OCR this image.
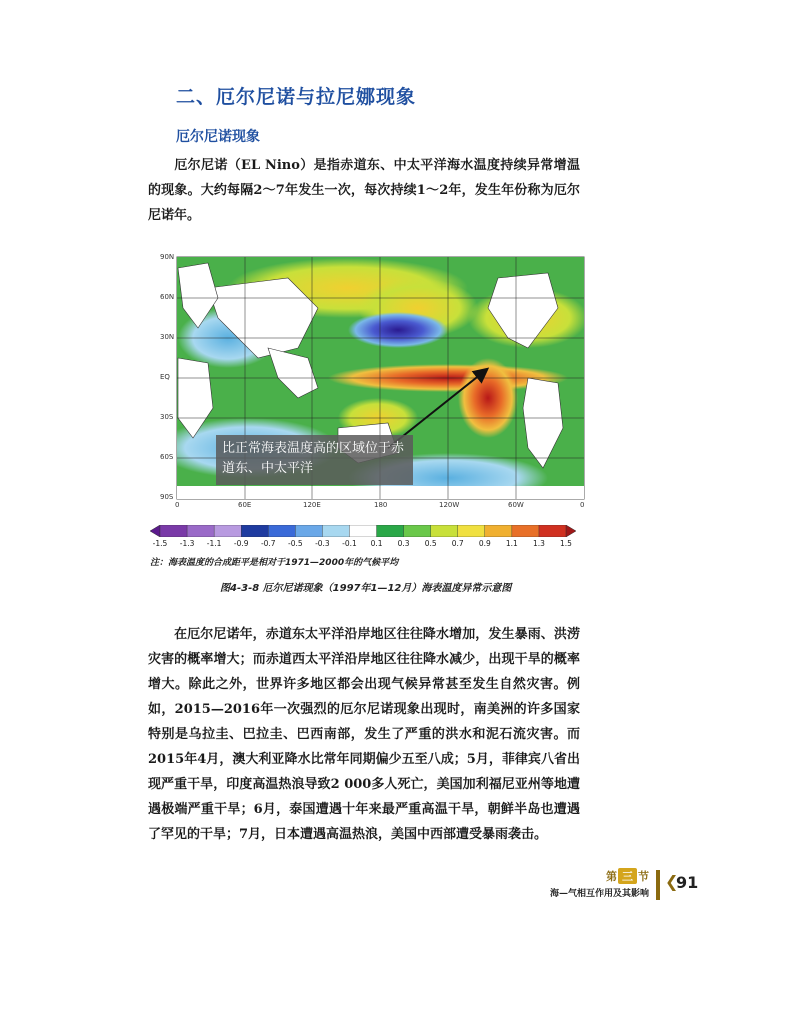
二、厄尔尼诺与拉尼娜现象
厄尔尼诺现象
厄尔尼诺（EL Nino）是指赤道东、中太平洋海水温度持续异常增温的现象。大约每隔2～7年发生一次，每次持续1～2年，发生年份称为厄尔尼诺年。
90N
60N
30N
EQ
30S
60S
90S
0	60E	120E	180	120W	60W	0
比正常海表温度高的区域位于赤道东、中太平洋
-1.5 -1.3 -1.1 -0.9 -0.7 -0.5 -0.3 -0.1 0.1 0.3 0.5 0.7 0.9 1.1 1.3 1.5
注：海表温度的合成距平是相对于1971—2000年的气候平均
图4-3-8 厄尔尼诺现象（1997年1—12月）海表温度异常示意图
在厄尔尼诺年，赤道东太平洋沿岸地区往往降水增加，发生暴雨、洪涝灾害的概率增大；而赤道西太平洋沿岸地区往往降水减少，出现干旱的概率增大。除此之外，世界许多地区都会出现气候异常甚至发生自然灾害。例如，2015—2016年一次强烈的厄尔尼诺现象出现时，南美洲的许多国家特别是乌拉圭、巴拉圭、巴西南部，发生了严重的洪水和泥石流灾害。而2015年4月，澳大利亚降水比常年同期偏少五至八成；5月，菲律宾八省出现严重干旱，印度高温热浪导致2 000多人死亡，美国加利福尼亚州等地遭遇极端严重干旱；6月，泰国遭遇十年来最严重高温干旱，朝鲜半岛也遭遇了罕见的干旱；7月，日本遭遇高温热浪，美国中西部遭受暴雨袭击。
第 三 节
海—气相互作用及其影响
❮
91
